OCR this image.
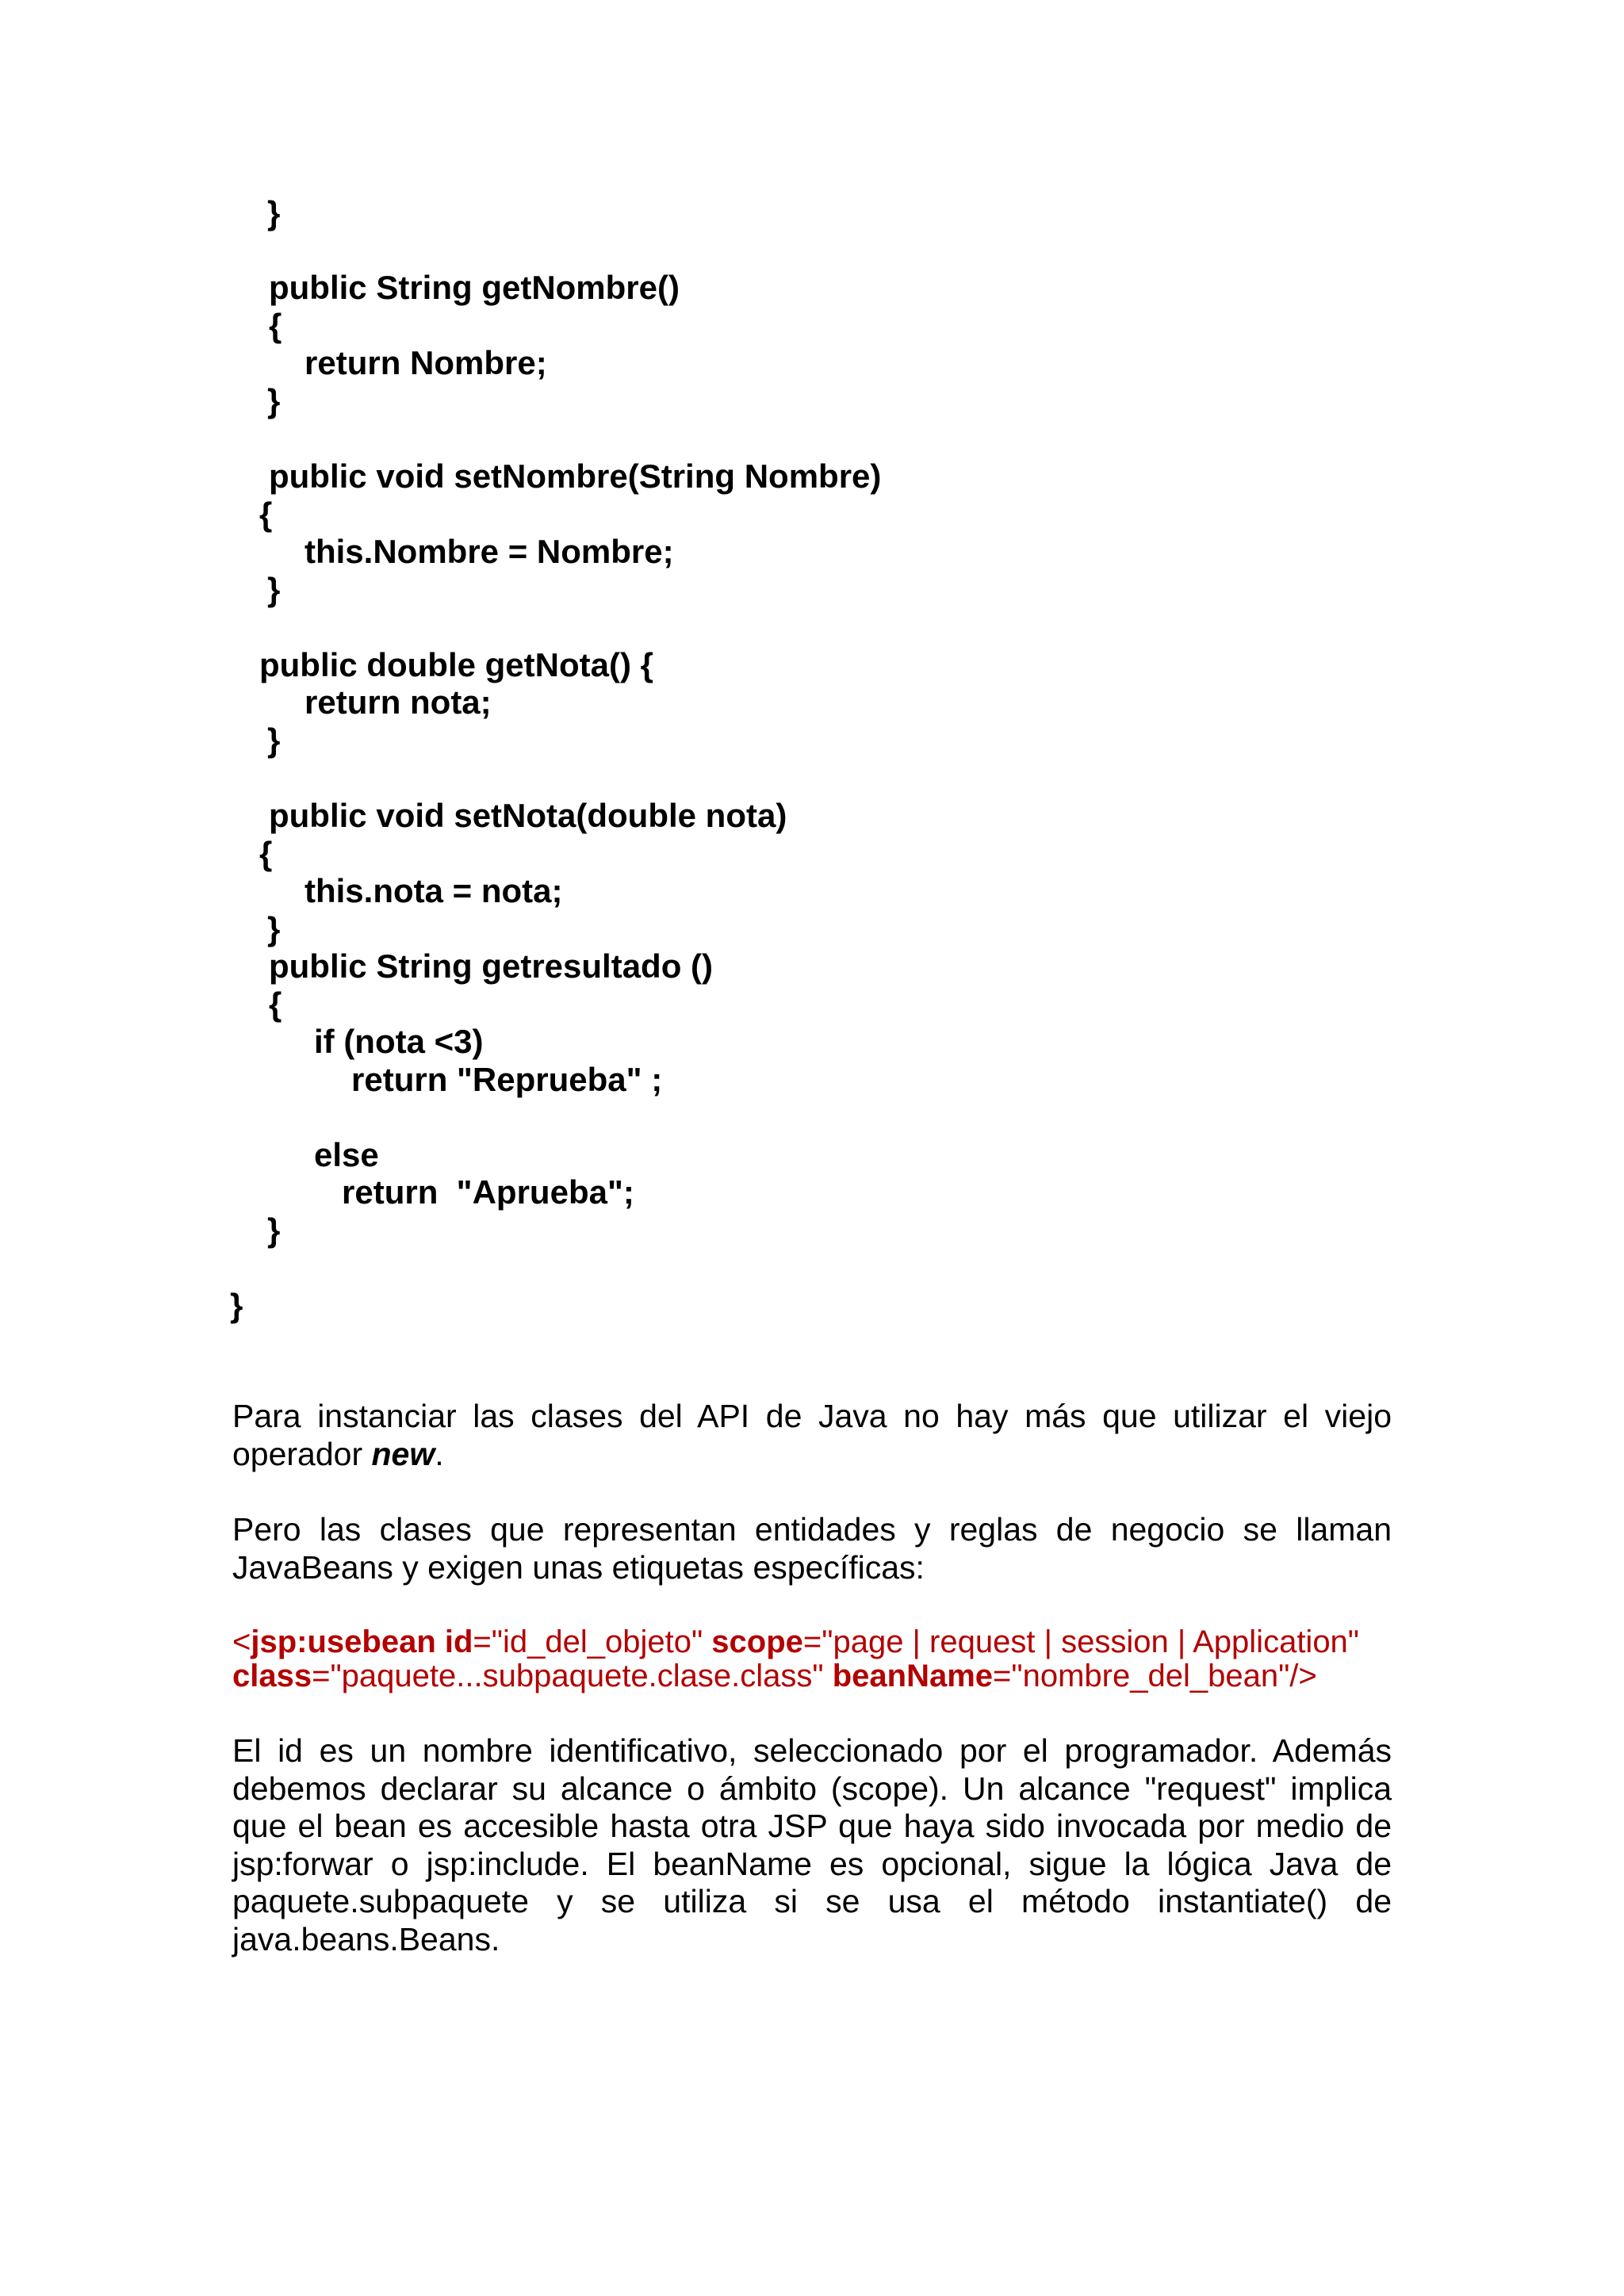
}
public String getNombre()
{
return Nombre;
}
public void setNombre(String Nombre)
{
this.Nombre = Nombre;
}
public double getNota() {
return nota;
}
public void setNota(double nota)
{
this.nota = nota;
}
public String getresultado ()
{
if (nota <3)
return "Reprueba" ;
else
return  "Aprueba";
}
}

Para instanciar las clases del API de Java no hay más que utilizar el viejo operador new.

Pero las clases que representan entidades y reglas de negocio se llaman JavaBeans y exigen unas etiquetas específicas:

<jsp:usebean id="id_del_objeto" scope="page | request | session | Application"
class="paquete...subpaquete.clase.class" beanName="nombre_del_bean"/>

El id es un nombre identificativo, seleccionado por el programador. Además debemos declarar su alcance o ámbito (scope). Un alcance "request" implica que el bean es accesible hasta otra JSP que haya sido invocada por medio de jsp:forwar o jsp:include. El beanName es opcional, sigue la lógica Java de paquete.subpaquete y se utiliza si se usa el método instantiate() de java.beans.Beans.
